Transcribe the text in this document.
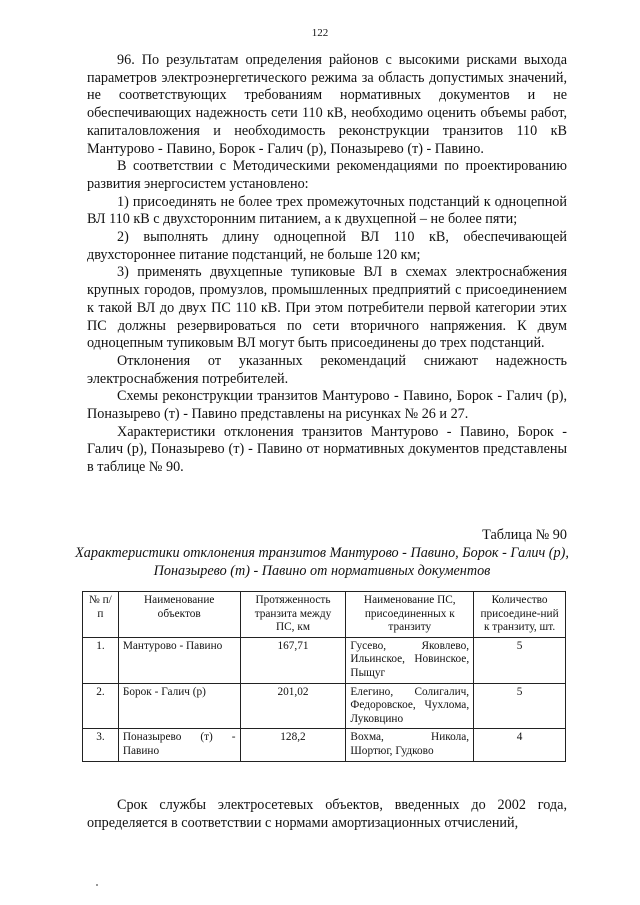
122

96. По результатам определения районов с высокими рисками выхода параметров электроэнергетического режима за область допустимых значений, не соответствующих требованиям нормативных документов и не обеспечивающих надежность сети 110 кВ, необходимо оценить объемы работ, капиталовложения и необходимость реконструкции транзитов 110 кВ Мантурово - Павино, Борок - Галич (р), Поназырево (т) - Павино.

В соответствии с Методическими рекомендациями по проектированию развития энергосистем установлено:

1) присоединять не более трех промежуточных подстанций к одноцепной ВЛ 110 кВ с двухсторонним питанием, а к двухцепной – не более пяти;

2) выполнять длину одноцепной ВЛ 110 кВ, обеспечивающей двухстороннее питание подстанций, не больше 120 км;

3) применять двухцепные тупиковые ВЛ в схемах электроснабжения крупных городов, промузлов, промышленных предприятий с присоединением к такой ВЛ до двух ПС 110 кВ. При этом потребители первой категории этих ПС должны резервироваться по сети вторичного напряжения. К двум одноцепным тупиковым ВЛ могут быть присоединены до трех подстанций.

Отклонения от указанных рекомендаций снижают надежность электроснабжения потребителей.

Схемы реконструкции транзитов Мантурово - Павино, Борок - Галич (р), Поназырево (т) - Павино представлены на рисунках № 26 и 27.

Характеристики отклонения транзитов Мантурово - Павино, Борок - Галич (р), Поназырево (т) - Павино от нормативных документов представлены в таблице № 90.

Таблица № 90
Характеристики отклонения транзитов Мантурово - Павино, Борок - Галич (р), Поназырево (т) - Павино от нормативных документов
№ п/п	Наименование объектов	Протяженность транзита между ПС, км	Наименование ПС, присоединенных к транзиту	Количество присоедине-ний к транзиту, шт.
1.	Мантурово - Павино	167,71	Гусево, Яковлево, Ильинское, Новинское, Пыщуг	5
2.	Борок - Галич (р)	201,02	Елегино, Солигалич, Федоровское, Чухлома, Луковцино	5
3.	Поназырево (т) - Павино	128,2	Вохма, Никола, Шортюг, Гудково	4

Срок службы электросетевых объектов, введенных до 2002 года, определяется в соответствии с нормами амортизационных отчислений,
